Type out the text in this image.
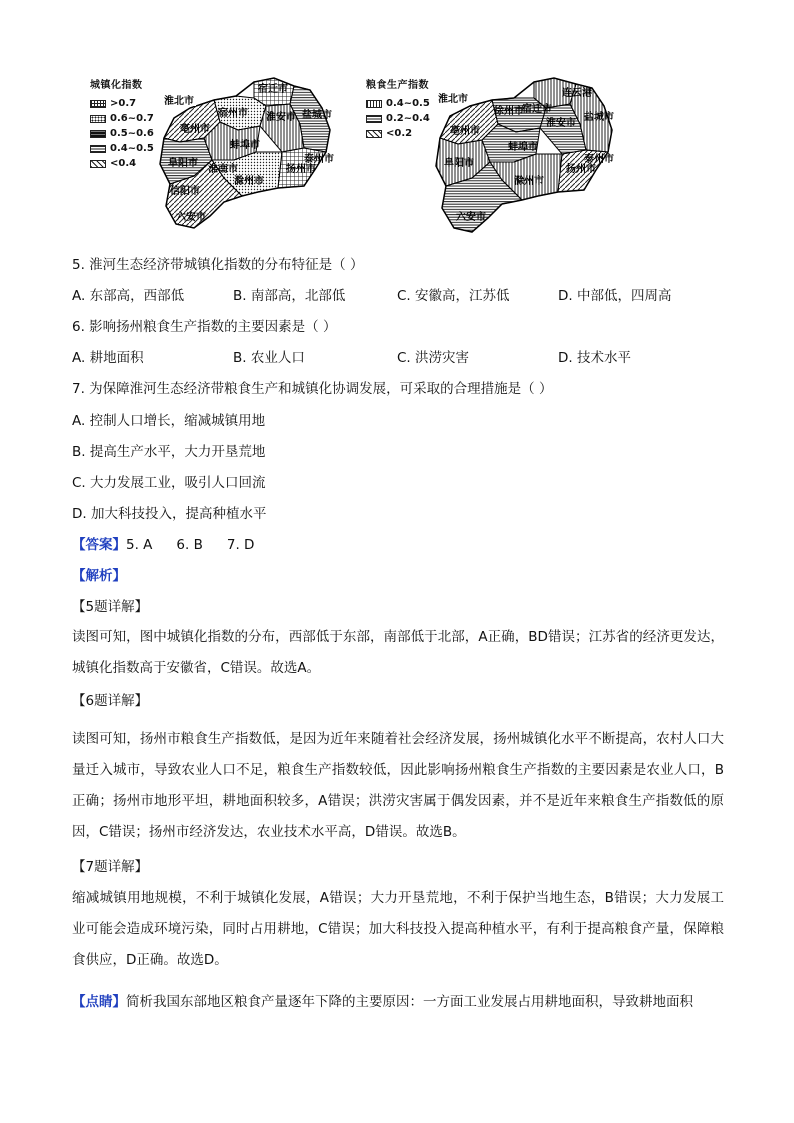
城镇化指数
>0.7
0.6~0.7
0.5~0.6
0.4~0.5
<0.4
淮北市
宿迁市
淮安市 盐城市
宿州市
蚌埠市
阜阳市
亳州市
淮南市	扬州市
泰州市
滁州市
六安市
信阳市
粮食生产指数
0.4~0.5
0.2~0.4
<0.2
淮北市
徐州市
连云港
宿迁市
盐城市
淮安市
亳州市
蚌埠市
阜阳市
滁州市
扬州市
泰州市
六安市
5. 淮河生态经济带城镇化指数的分布特征是（ ）
A. 东部高，西部低	B. 南部高，北部低	C. 安徽高，江苏低	D. 中部低，四周高
6. 影响扬州粮食生产指数的主要因素是（ ）
A. 耕地面积	B. 农业人口	C. 洪涝灾害	D. 技术水平
7. 为保障淮河生态经济带粮食生产和城镇化协调发展，可采取的合理措施是（ ）
A. 控制人口增长，缩减城镇用地
B. 提高生产水平，大力开垦荒地
C. 大力发展工业，吸引人口回流
D. 加大科技投入，提高种植水平
【答案】5. A 6. B 7. D
【解析】
【5题详解】
读图可知，图中城镇化指数的分布，西部低于东部，南部低于北部，A正确，BD错误；江苏省的经济更发达，城镇化指数高于安徽省，C错误。故选A。
【6题详解】
读图可知，扬州市粮食生产指数低，是因为近年来随着社会经济发展，扬州城镇化水平不断提高，农村人口大量迁入城市，导致农业人口不足，粮食生产指数较低，因此影响扬州粮食生产指数的主要因素是农业人口，B正确；扬州市地形平坦，耕地面积较多，A错误；洪涝灾害属于偶发因素，并不是近年来粮食生产指数低的原因，C错误；扬州市经济发达，农业技术水平高，D错误。故选B。
【7题详解】
缩减城镇用地规模，不利于城镇化发展，A错误；大力开垦荒地，不利于保护当地生态，B错误；大力发展工业可能会造成环境污染，同时占用耕地，C错误；加大科技投入提高种植水平，有利于提高粮食产量，保障粮食供应，D正确。故选D。
【点睛】简析我国东部地区粮食产量逐年下降的主要原因：一方面工业发展占用耕地面积，导致耕地面积
